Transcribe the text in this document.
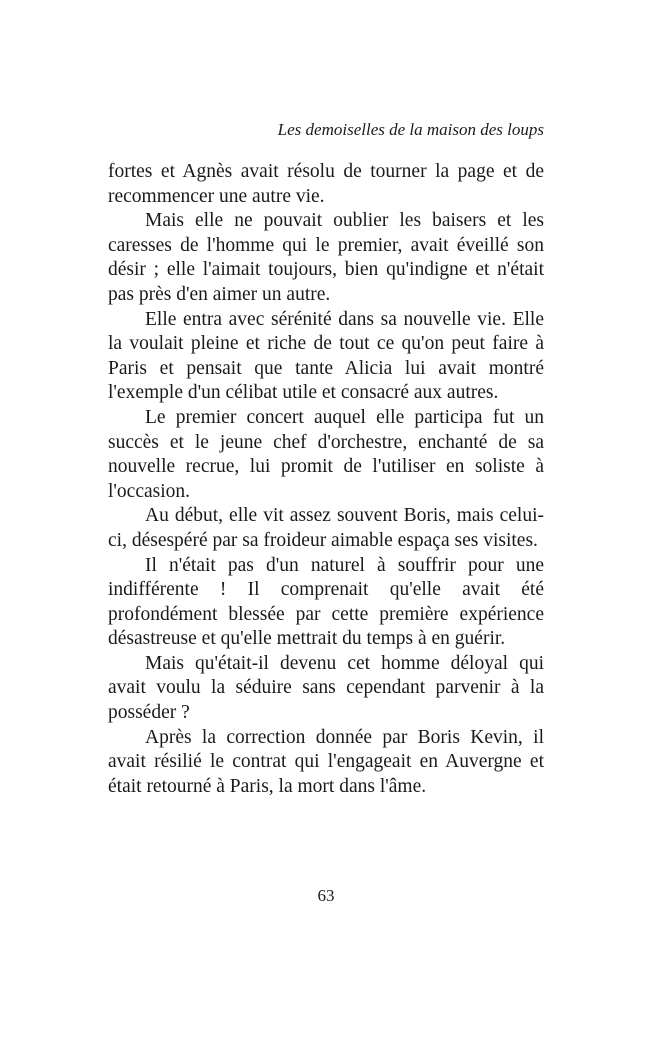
Les demoiselles de la maison des loups

fortes et Agnès avait résolu de tourner la page et de recommencer une autre vie.

Mais elle ne pouvait oublier les baisers et les caresses de l'homme qui le premier, avait éveillé son désir ; elle l'aimait toujours, bien qu'indigne et n'était pas près d'en aimer un autre.

Elle entra avec sérénité dans sa nouvelle vie. Elle la voulait pleine et riche de tout ce qu'on peut faire à Paris et pensait que tante Alicia lui avait montré l'exemple d'un célibat utile et consacré aux autres.

Le premier concert auquel elle participa fut un succès et le jeune chef d'orchestre, enchanté de sa nouvelle recrue, lui promit de l'utiliser en soliste à l'occasion.

Au début, elle vit assez souvent Boris, mais celui-ci, désespéré par sa froideur aimable espaça ses visites.

Il n'était pas d'un naturel à souffrir pour une indifférente ! Il comprenait qu'elle avait été profondément blessée par cette première expérience désastreuse et qu'elle mettrait du temps à en guérir.

Mais qu'était-il devenu cet homme déloyal qui avait voulu la séduire sans cependant parvenir à la posséder ?

Après la correction donnée par Boris Kevin, il avait résilié le contrat qui l'engageait en Auvergne et était retourné à Paris, la mort dans l'âme.

63
